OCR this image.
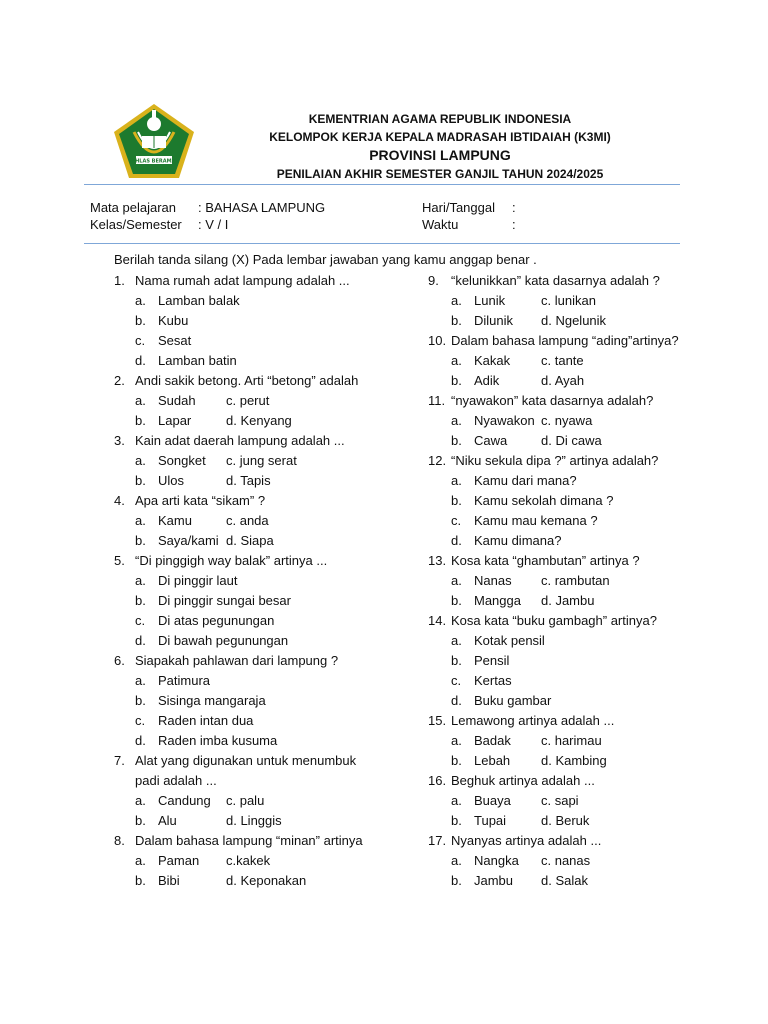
IKHLAS BERAMAL
KEMENTRIAN AGAMA REPUBLIK INDONESIA
KELOMPOK KERJA KEPALA MADRASAH IBTIDAIAH (K3MI)
PROVINSI LAMPUNG
PENILAIAN AKHIR SEMESTER GANJIL TAHUN 2024/2025
Mata pelajaran : BAHASA LAMPUNG
Kelas/Semester : V / I
Hari/Tanggal :
Waktu	:
Berilah tanda silang (X) Pada lembar jawaban yang kamu anggap benar .
1. Nama rumah adat lampung adalah ...
a. Lamban balak
b. Kubu
c. Sesat
d. Lamban batin
2. Andi sakik betong. Arti “betong” adalah
a. Sudah c. perut
b. Lapar	d. Kenyang
3. Kain adat daerah lampung adalah ...
a. Songket c. jung serat
b. Ulos	d. Tapis
4. Apa arti kata “sikam” ?
a. Kamu	c. anda
b. Saya/kami d. Siapa
5. “Di pinggigh way balak” artinya ...
a. Di pinggir laut
b. Di pinggir sungai besar
c. Di atas pegunungan
d. Di bawah pegunungan
6. Siapakah pahlawan dari lampung ?
a. Patimura
b. Sisinga mangaraja
c. Raden intan dua
d. Raden imba kusuma
7. Alat yang digunakan untuk menumbuk
padi adalah ...
a. Candung c. palu
b. Alu	d. Linggis
8. Dalam bahasa lampung “minan” artinya
a. Paman c.kakek
b. Bibi	d. Keponakan
9. “kelunikkan” kata dasarnya adalah ?
a. Lunik	c. lunikan
b. Dilunik d. Ngelunik
10. Dalam bahasa lampung “ading”artinya?
a. Kakak c. tante
b. Adik	d. Ayah
11. “nyawakon” kata dasarnya adalah?
a. Nyawakon c. nyawa
b. Cawa	d. Di cawa
12. “Niku sekula dipa ?” artinya adalah?
a. Kamu dari mana?
b. Kamu sekolah dimana ?
c. Kamu mau kemana ?
d. Kamu dimana?
13. Kosa kata “ghambutan” artinya ?
a. Nanas c. rambutan
b. Mangga d. Jambu
14. Kosa kata “buku gambagh” artinya?
a. Kotak pensil
b. Pensil
c. Kertas
d. Buku gambar
15. Lemawong artinya adalah ...
a. Badak c. harimau
b. Lebah d. Kambing
16. Beghuk artinya adalah ...
a. Buaya c. sapi
b. Tupai	d. Beruk
17. Nyanyas artinya adalah ...
a. Nangka c. nanas
b. Jambu d. Salak
